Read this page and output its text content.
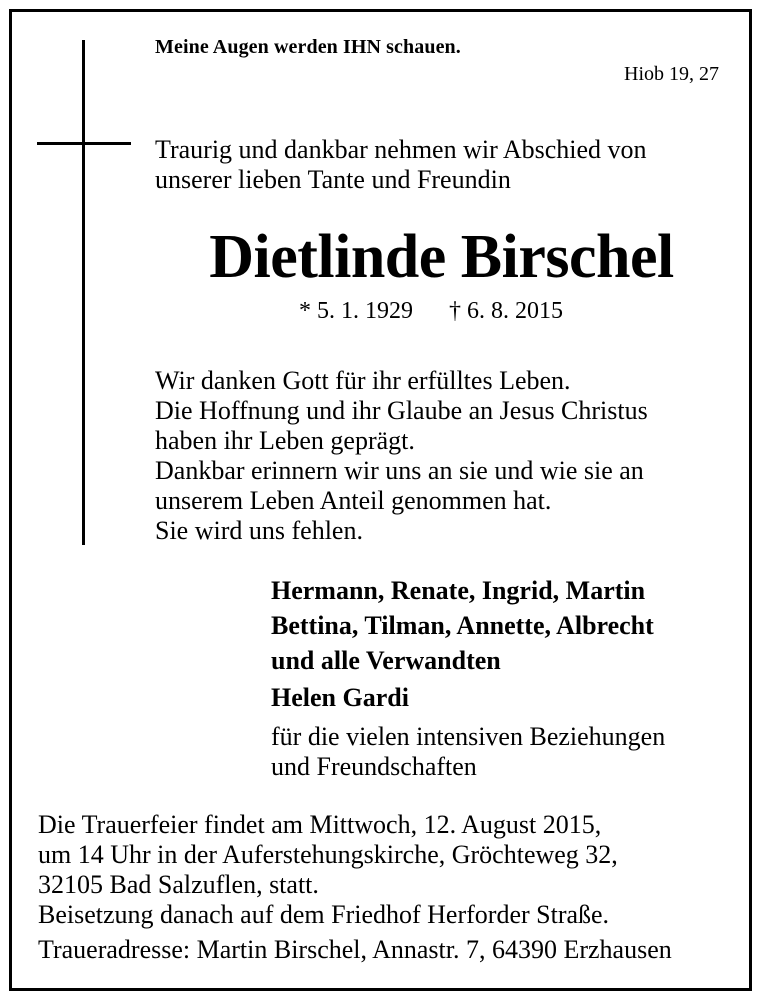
Meine Augen werden IHN schauen.
Hiob 19, 27
Traurig und dankbar nehmen wir Abschied von
unserer lieben Tante und Freundin
Dietlinde Birschel
* 5. 1. 1929 † 6. 8. 2015
Wir danken Gott für ihr erfülltes Leben.
Die Hoffnung und ihr Glaube an Jesus Christus
haben ihr Leben geprägt.
Dankbar erinnern wir uns an sie und wie sie an
unserem Leben Anteil genommen hat.
Sie wird uns fehlen.
Hermann, Renate, Ingrid, Martin
Bettina, Tilman, Annette, Albrecht
und alle Verwandten
Helen Gardi
für die vielen intensiven Beziehungen
und Freundschaften
Die Trauerfeier findet am Mittwoch, 12. August 2015,
um 14 Uhr in der Auferstehungskirche, Gröchteweg 32,
32105 Bad Salzuflen, statt.
Beisetzung danach auf dem Friedhof Herforder Straße.
Traueradresse: Martin Birschel, Annastr. 7, 64390 Erzhausen
